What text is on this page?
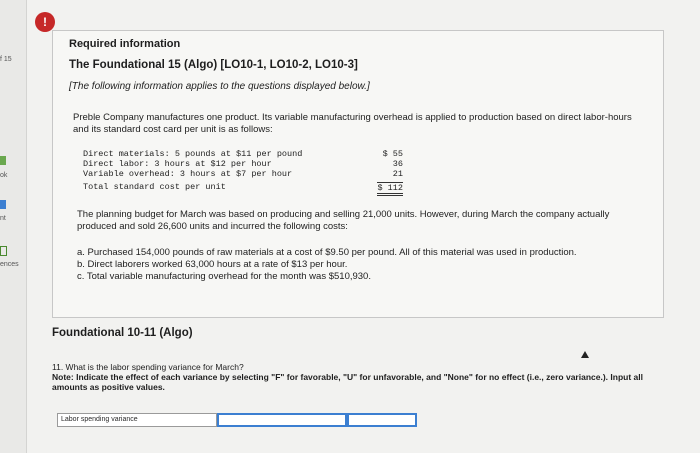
f 15
ok
nt
ences
!

Required information

The Foundational 15 (Algo) [LO10-1, LO10-2, LO10-3]

[The following information applies to the questions displayed below.]

Preble Company manufactures one product. Its variable manufacturing overhead is applied to production based on direct labor-hours and its standard cost card per unit is as follows:

Direct materials: 5 pounds at $11 per pound	$ 55
Direct labor: 3 hours at $12 per hour	36
Variable overhead: 3 hours at $7 per hour	21
Total standard cost per unit	$ 112

The planning budget for March was based on producing and selling 21,000 units. However, during March the company actually produced and sold 26,600 units and incurred the following costs:

a. Purchased 154,000 pounds of raw materials at a cost of $9.50 per pound. All of this material was used in production.
b. Direct laborers worked 63,000 hours at a rate of $13 per hour.
c. Total variable manufacturing overhead for the month was $510,930.
Foundational 10-11 (Algo)
11. What is the labor spending variance for March?
Note: Indicate the effect of each variance by selecting "F" for favorable, "U" for unfavorable, and "None" for no effect (i.e., zero variance.). Input all amounts as positive values.
Labor spending variance
